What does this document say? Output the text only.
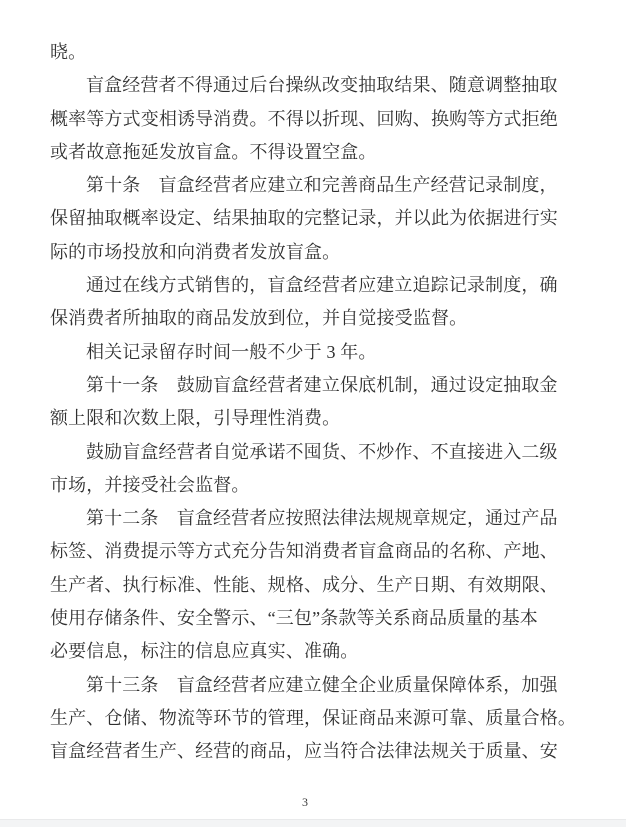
晓。
盲盒经营者不得通过后台操纵改变抽取结果、随意调整抽取
概率等方式变相诱导消费。不得以折现、回购、换购等方式拒绝
或者故意拖延发放盲盒。不得设置空盒。
第十条　盲盒经营者应建立和完善商品生产经营记录制度，
保留抽取概率设定、结果抽取的完整记录，并以此为依据进行实
际的市场投放和向消费者发放盲盒。
通过在线方式销售的，盲盒经营者应建立追踪记录制度，确
保消费者所抽取的商品发放到位，并自觉接受监督。
相关记录留存时间一般不少于 3 年。
第十一条　鼓励盲盒经营者建立保底机制，通过设定抽取金
额上限和次数上限，引导理性消费。
鼓励盲盒经营者自觉承诺不囤货、不炒作、不直接进入二级
市场，并接受社会监督。
第十二条　盲盒经营者应按照法律法规规章规定，通过产品
标签、消费提示等方式充分告知消费者盲盒商品的名称、产地、
生产者、执行标准、性能、规格、成分、生产日期、有效期限、
使用存储条件、安全警示、“三包”条款等关系商品质量的基本
必要信息，标注的信息应真实、准确。
第十三条　盲盒经营者应建立健全企业质量保障体系，加强
生产、仓储、物流等环节的管理，保证商品来源可靠、质量合格。
盲盒经营者生产、经营的商品，应当符合法律法规关于质量、安
3
